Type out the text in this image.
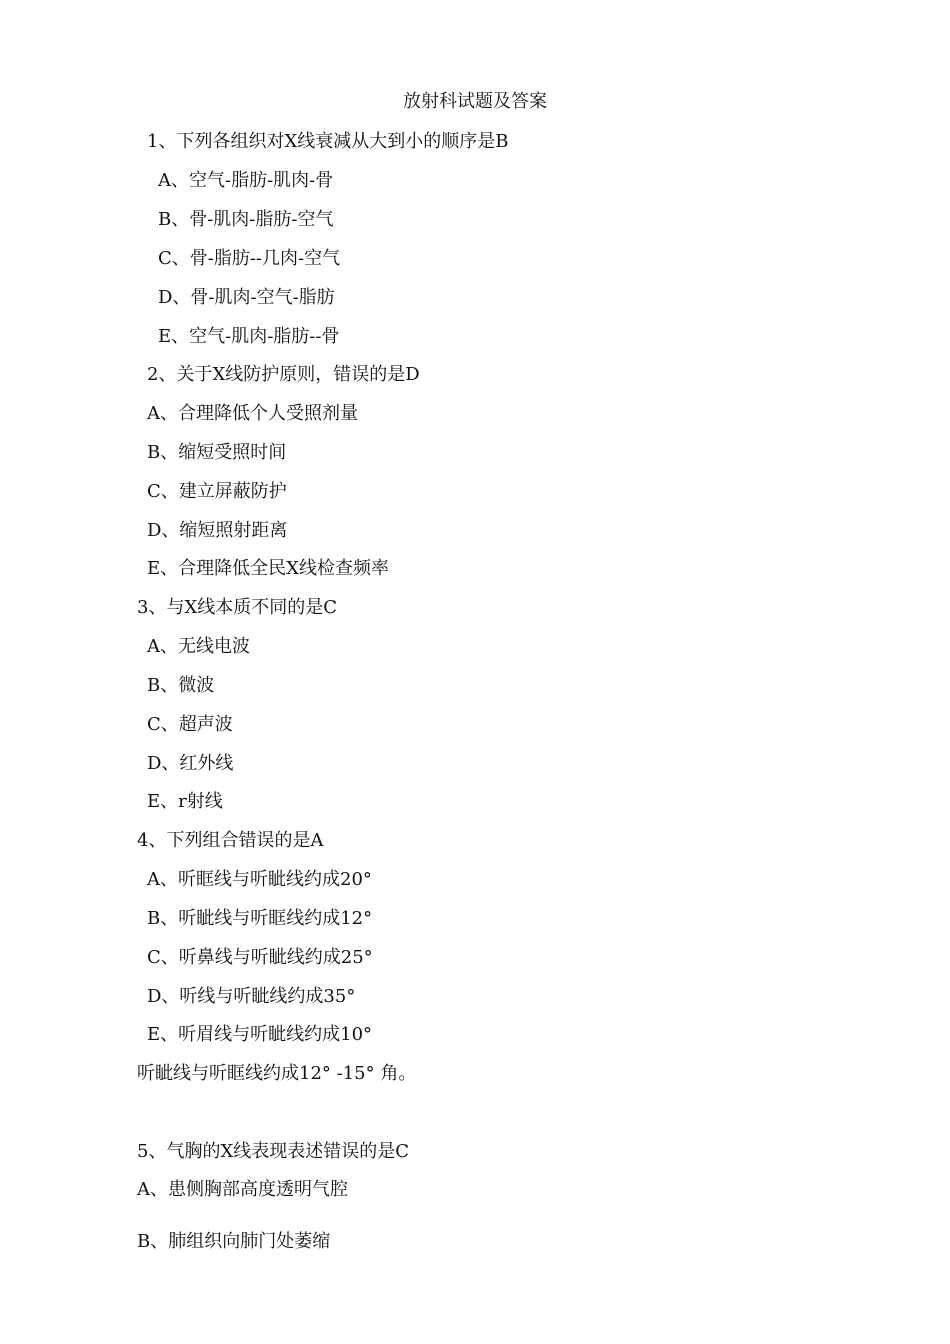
放射科试题及答案
1、下列各组织对X线衰减从大到小的顺序是B
A、空气-脂肪-肌肉-骨
B、骨-肌肉-脂肪-空气
C、骨-脂肪--几肉-空气
D、骨-肌肉-空气-脂肪
E、空气-肌肉-脂肪--骨
2、关于X线防护原则，错误的是D
A、合理降低个人受照剂量
B、缩短受照时间
C、建立屏蔽防护
D、缩短照射距离
E、合理降低全民X线检查频率
3、与X线本质不同的是C
A、无线电波
B、微波
C、超声波
D、红外线
E、r射线
4、下列组合错误的是A
A、听眶线与听眦线约成20°
B、听眦线与听眶线约成12°
C、听鼻线与听眦线约成25°
D、听线与听眦线约成35°
E、听眉线与听眦线约成10°
听眦线与听眶线约成12° -15° 角。
5、气胸的X线表现表述错误的是C
A、患侧胸部高度透明气腔
B、肺组织向肺门处萎缩
